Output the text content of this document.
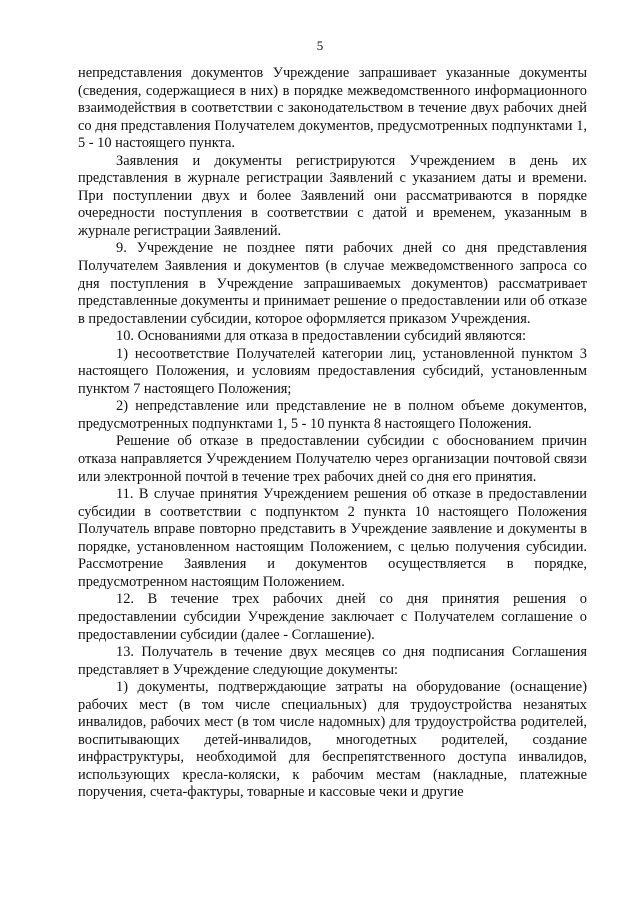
5

непредставления документов Учреждение запрашивает указанные документы (сведения, содержащиеся в них) в порядке межведомственного информационного взаимодействия в соответствии с законодательством в течение двух рабочих дней со дня представления Получателем документов, предусмотренных подпунктами 1, 5 - 10 настоящего пункта.

Заявления и документы регистрируются Учреждением в день их представления в журнале регистрации Заявлений с указанием даты и времени. При поступлении двух и более Заявлений они рассматриваются в порядке очередности поступления в соответствии с датой и временем, указанным в журнале регистрации Заявлений.

9. Учреждение не позднее пяти рабочих дней со дня представления Получателем Заявления и документов (в случае межведомственного запроса со дня поступления в Учреждение запрашиваемых документов) рассматривает представленные документы и принимает решение о предоставлении или об отказе в предоставлении субсидии, которое оформляется приказом Учреждения.

10. Основаниями для отказа в предоставлении субсидий являются:

1) несоответствие Получателей категории лиц, установленной пунктом 3 настоящего Положения, и условиям предоставления субсидий, установленным пунктом 7 настоящего Положения;

2) непредставление или представление не в полном объеме документов, предусмотренных подпунктами 1, 5 - 10 пункта 8 настоящего Положения.

Решение об отказе в предоставлении субсидии с обоснованием причин отказа направляется Учреждением Получателю через организации почтовой связи или электронной почтой в течение трех рабочих дней со дня его принятия.

11. В случае принятия Учреждением решения об отказе в предоставлении субсидии в соответствии с подпунктом 2 пункта 10 настоящего Положения Получатель вправе повторно представить в Учреждение заявление и документы в порядке, установленном настоящим Положением, с целью получения субсидии. Рассмотрение Заявления и документов осуществляется в порядке, предусмотренном настоящим Положением.

12. В течение трех рабочих дней со дня принятия решения о предоставлении субсидии Учреждение заключает с Получателем соглашение о предоставлении субсидии (далее - Соглашение).

13. Получатель в течение двух месяцев со дня подписания Соглашения представляет в Учреждение следующие документы:

1) документы, подтверждающие затраты на оборудование (оснащение) рабочих мест (в том числе специальных) для трудоустройства незанятых инвалидов, рабочих мест (в том числе надомных) для трудоустройства родителей, воспитывающих детей-инвалидов, многодетных родителей, создание инфраструктуры, необходимой для беспрепятственного доступа инвалидов, использующих кресла-коляски, к рабочим местам (накладные, платежные поручения, счета-фактуры, товарные и кассовые чеки и другие
